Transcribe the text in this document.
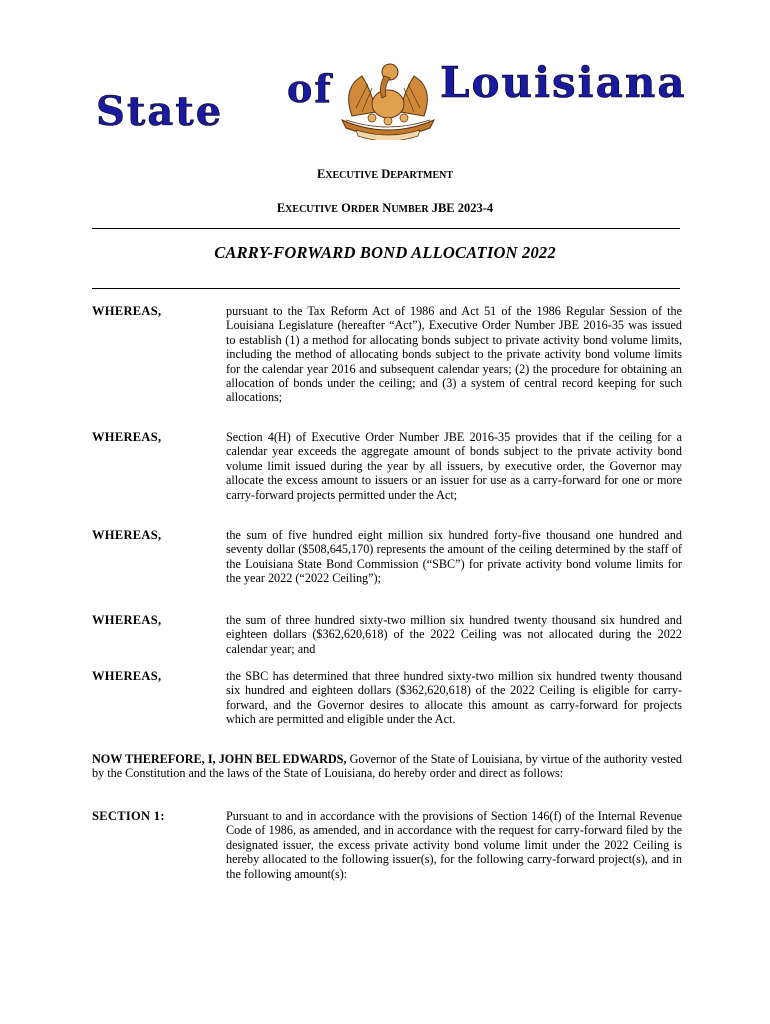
State of	Louisiana
EXECUTIVE DEPARTMENT
EXECUTIVE ORDER NUMBER JBE 2023-4
CARRY-FORWARD BOND ALLOCATION 2022
WHEREAS,	pursuant to the Tax Reform Act of 1986 and Act 51 of the 1986 Regular Session of the Louisiana Legislature (hereafter “Act”), Executive Order Number JBE 2016-35 was issued to establish (1) a method for allocating bonds subject to private activity bond volume limits, including the method of allocating bonds subject to the private activity bond volume limits for the calendar year 2016 and subsequent calendar years; (2) the procedure for obtaining an allocation of bonds under the ceiling; and (3) a system of central record keeping for such allocations;
WHEREAS,	Section 4(H) of Executive Order Number JBE 2016-35 provides that if the ceiling for a calendar year exceeds the aggregate amount of bonds subject to the private activity bond volume limit issued during the year by all issuers, by executive order, the Governor may allocate the excess amount to issuers or an issuer for use as a carry-forward for one or more carry-forward projects permitted under the Act;
WHEREAS,	the sum of five hundred eight million six hundred forty-five thousand one hundred and seventy dollar ($508,645,170) represents the amount of the ceiling determined by the staff of the Louisiana State Bond Commission (“SBC”) for private activity bond volume limits for the year 2022 (“2022 Ceiling”);
WHEREAS,	the sum of three hundred sixty-two million six hundred twenty thousand six hundred and eighteen dollars ($362,620,618) of the 2022 Ceiling was not allocated during the 2022 calendar year; and
WHEREAS,	the SBC has determined that three hundred sixty-two million six hundred twenty thousand six hundred and eighteen dollars ($362,620,618) of the 2022 Ceiling is eligible for carry-forward, and the Governor desires to allocate this amount as carry-forward for projects which are permitted and eligible under the Act.
NOW THEREFORE, I, JOHN BEL EDWARDS, Governor of the State of Louisiana, by virtue of the authority vested by the Constitution and the laws of the State of Louisiana, do hereby order and direct as follows:
SECTION 1:	Pursuant to and in accordance with the provisions of Section 146(f) of the Internal Revenue Code of 1986, as amended, and in accordance with the request for carry-forward filed by the designated issuer, the excess private activity bond volume limit under the 2022 Ceiling is hereby allocated to the following issuer(s), for the following carry-forward project(s), and in the following amount(s):
